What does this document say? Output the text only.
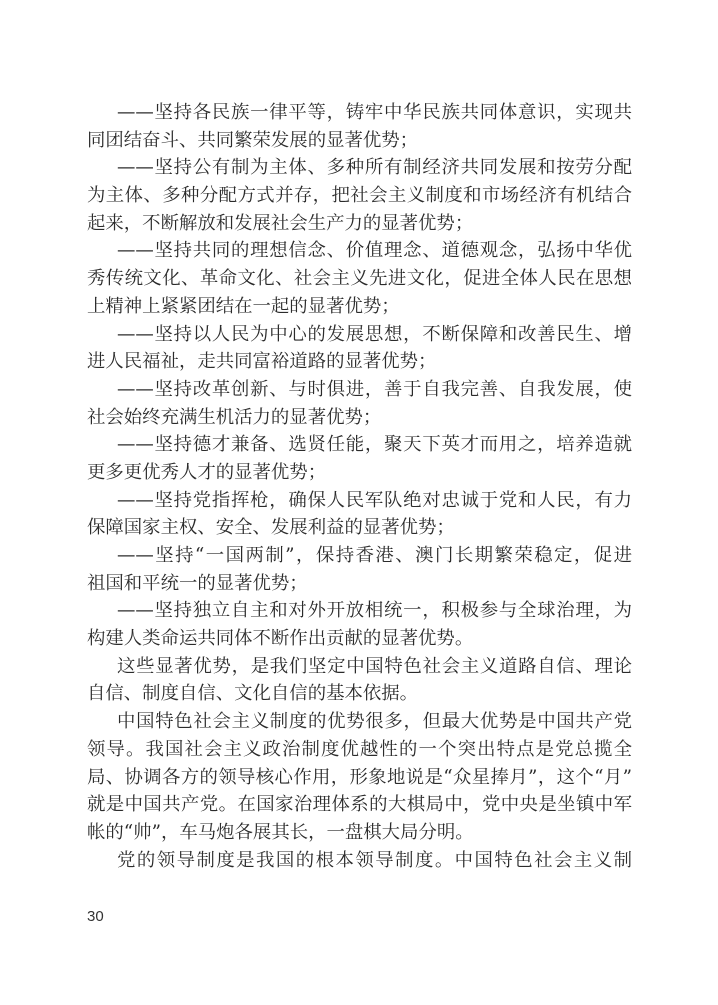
——坚持各民族一律平等，铸牢中华民族共同体意识，实现共
同团结奋斗、共同繁荣发展的显著优势；
——坚持公有制为主体、多种所有制经济共同发展和按劳分配
为主体、多种分配方式并存，把社会主义制度和市场经济有机结合
起来，不断解放和发展社会生产力的显著优势；
——坚持共同的理想信念、价值理念、道德观念，弘扬中华优
秀传统文化、革命文化、社会主义先进文化，促进全体人民在思想
上精神上紧紧团结在一起的显著优势；
——坚持以人民为中心的发展思想，不断保障和改善民生、增
进人民福祉，走共同富裕道路的显著优势；
——坚持改革创新、与时俱进，善于自我完善、自我发展，使
社会始终充满生机活力的显著优势；
——坚持德才兼备、选贤任能，聚天下英才而用之，培养造就
更多更优秀人才的显著优势；
——坚持党指挥枪，确保人民军队绝对忠诚于党和人民，有力
保障国家主权、安全、发展利益的显著优势；
——坚持“一国两制”，保持香港、澳门长期繁荣稳定，促进
祖国和平统一的显著优势；
——坚持独立自主和对外开放相统一，积极参与全球治理，为
构建人类命运共同体不断作出贡献的显著优势。
这些显著优势，是我们坚定中国特色社会主义道路自信、理论
自信、制度自信、文化自信的基本依据。
中国特色社会主义制度的优势很多，但最大优势是中国共产党
领导。我国社会主义政治制度优越性的一个突出特点是党总揽全
局、协调各方的领导核心作用，形象地说是“众星捧月”，这个“月”
就是中国共产党。在国家治理体系的大棋局中，党中央是坐镇中军
帐的“帅”，车马炮各展其长，一盘棋大局分明。
党的领导制度是我国的根本领导制度。中国特色社会主义制
30
